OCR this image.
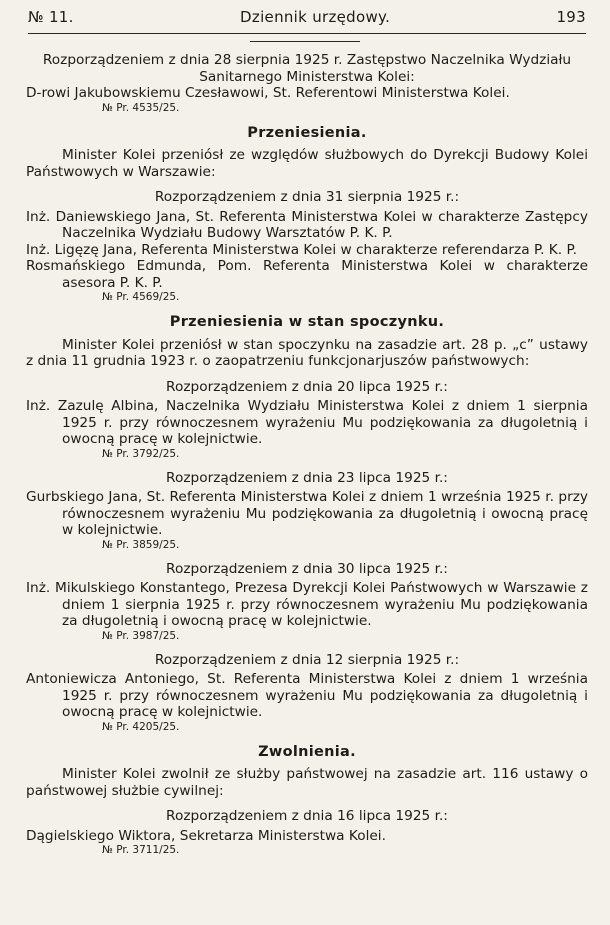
№ 11.	Dziennik urzędowy.	193
Rozporządzeniem z dnia 28 sierpnia 1925 r. Zastępstwo Naczelnika Wydziału Sanitarnego Ministerstwa Kolei:
D-rowi Jakubowskiemu Czesławowi, St. Referentowi Ministerstwa Kolei.
№ Pr. 4535/25.
Przeniesienia.
Minister Kolei przeniósł ze względów służbowych do Dyrekcji Budowy Kolei Państwowych w Warszawie:
Rozporządzeniem z dnia 31 sierpnia 1925 r.:
Inż. Daniewskiego Jana, St. Referenta Ministerstwa Kolei w charakterze Zastępcy Naczelnika Wydziału Budowy Warsztatów P. K. P.
Inż. Ligęzę Jana, Referenta Ministerstwa Kolei w charakterze referendarza P. K. P.
Rosmańskiego Edmunda, Pom. Referenta Ministerstwa Kolei w charakterze asesora P. K. P.
№ Pr. 4569/25.
Przeniesienia w stan spoczynku.
Minister Kolei przeniósł w stan spoczynku na zasadzie art. 28 p. „c” ustawy z dnia 11 grudnia 1923 r. o zaopatrzeniu funkcjonarjuszów państwowych:
Rozporządzeniem z dnia 20 lipca 1925 r.:
Inż. Zazulę Albina, Naczelnika Wydziału Ministerstwa Kolei z dniem 1 sierpnia 1925 r. przy równoczesnem wyrażeniu Mu podziękowania za długoletnią i owocną pracę w kolejnictwie.
№ Pr. 3792/25.
Rozporządzeniem z dnia 23 lipca 1925 r.:
Gurbskiego Jana, St. Referenta Ministerstwa Kolei z dniem 1 września 1925 r. przy równoczesnem wyrażeniu Mu podziękowania za długoletnią i owocną pracę w kolejnictwie.
№ Pr. 3859/25.
Rozporządzeniem z dnia 30 lipca 1925 r.:
Inż. Mikulskiego Konstantego, Prezesa Dyrekcji Kolei Państwowych w Warszawie z dniem 1 sierpnia 1925 r. przy równoczesnem wyrażeniu Mu podziękowania za długoletnią i owocną pracę w kolejnictwie.
№ Pr. 3987/25.
Rozporządzeniem z dnia 12 sierpnia 1925 r.:
Antoniewicza Antoniego, St. Referenta Ministerstwa Kolei z dniem 1 września 1925 r. przy równoczesnem wyrażeniu Mu podziękowania za długoletnią i owocną pracę w kolejnictwie.
№ Pr. 4205/25.
Zwolnienia.
Minister Kolei zwolnił ze służby państwowej na zasadzie art. 116 ustawy o państwowej służbie cywilnej:
Rozporządzeniem z dnia 16 lipca 1925 r.:
Dągielskiego Wiktora, Sekretarza Ministerstwa Kolei.
№ Pr. 3711/25.
